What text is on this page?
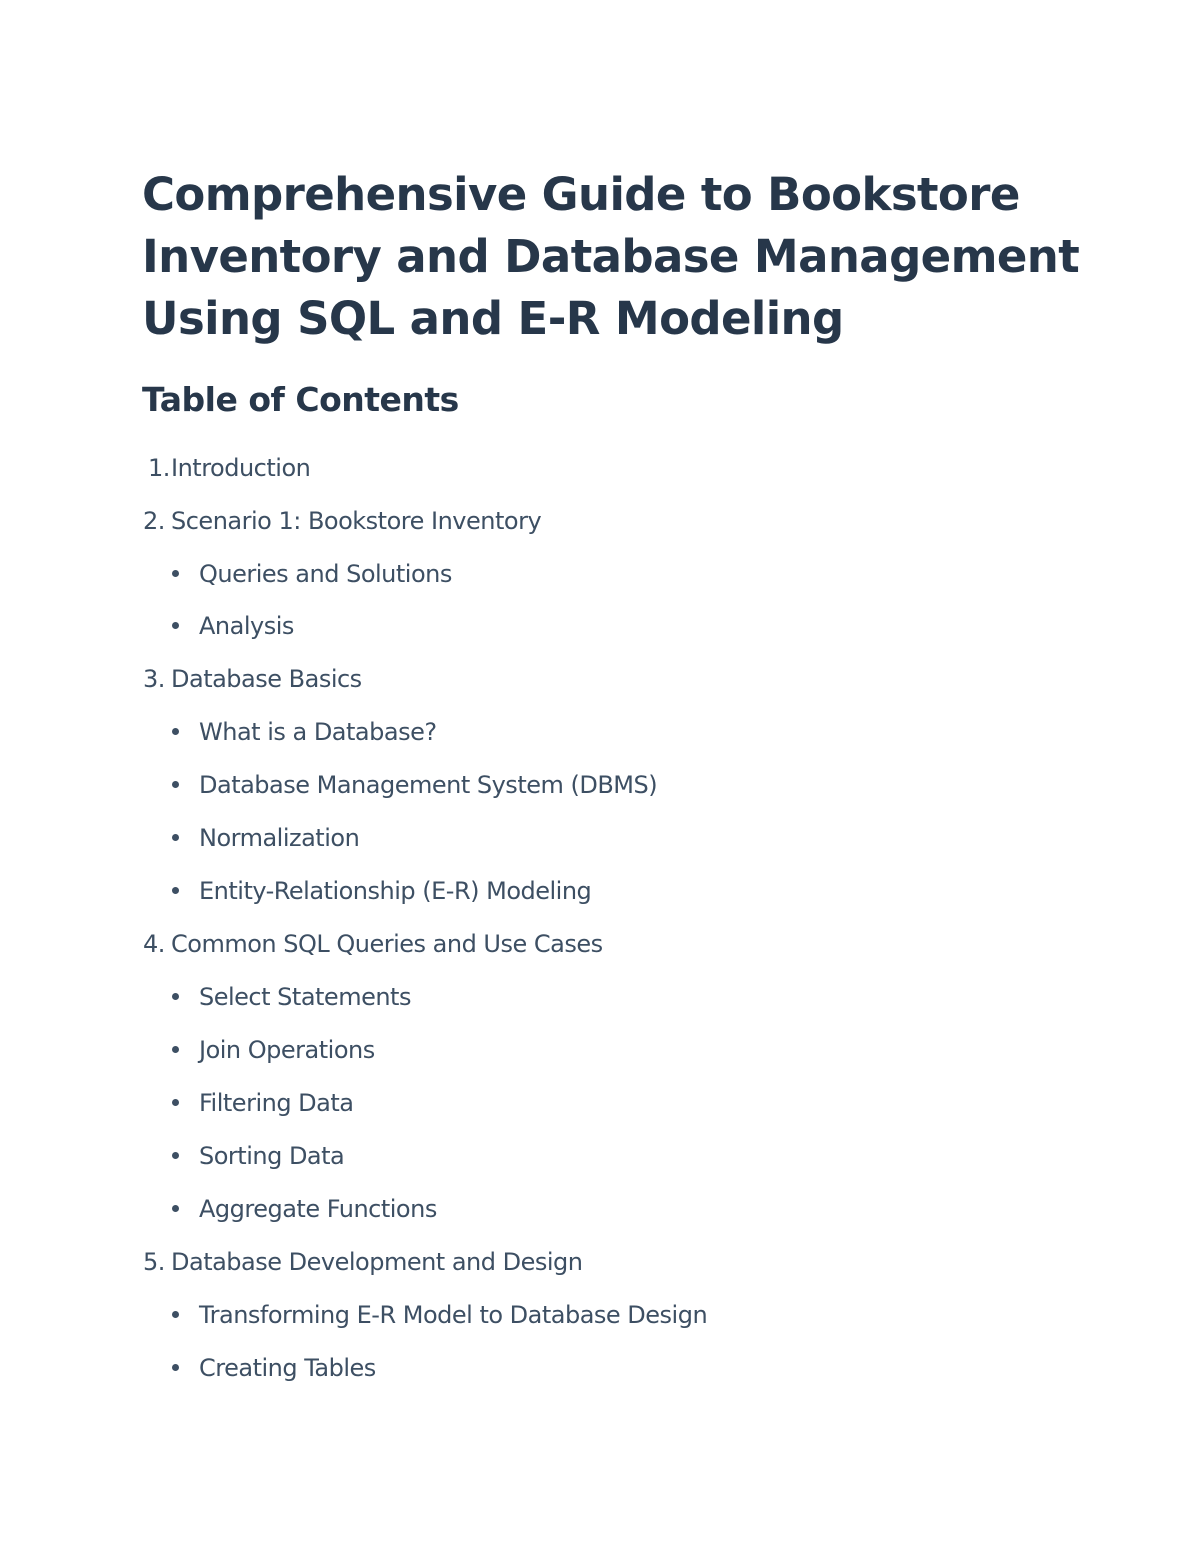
Comprehensive Guide to Bookstore
Inventory and Database Management
Using SQL and E-R Modeling
Table of Contents
1.Introduction
2. Scenario 1: Bookstore Inventory
Queries and Solutions
Analysis
3. Database Basics
What is a Database?
Database Management System (DBMS)
Normalization
Entity-Relationship (E-R) Modeling
4. Common SQL Queries and Use Cases
Select Statements
Join Operations
Filtering Data
Sorting Data
Aggregate Functions
5. Database Development and Design
Transforming E-R Model to Database Design
Creating Tables
